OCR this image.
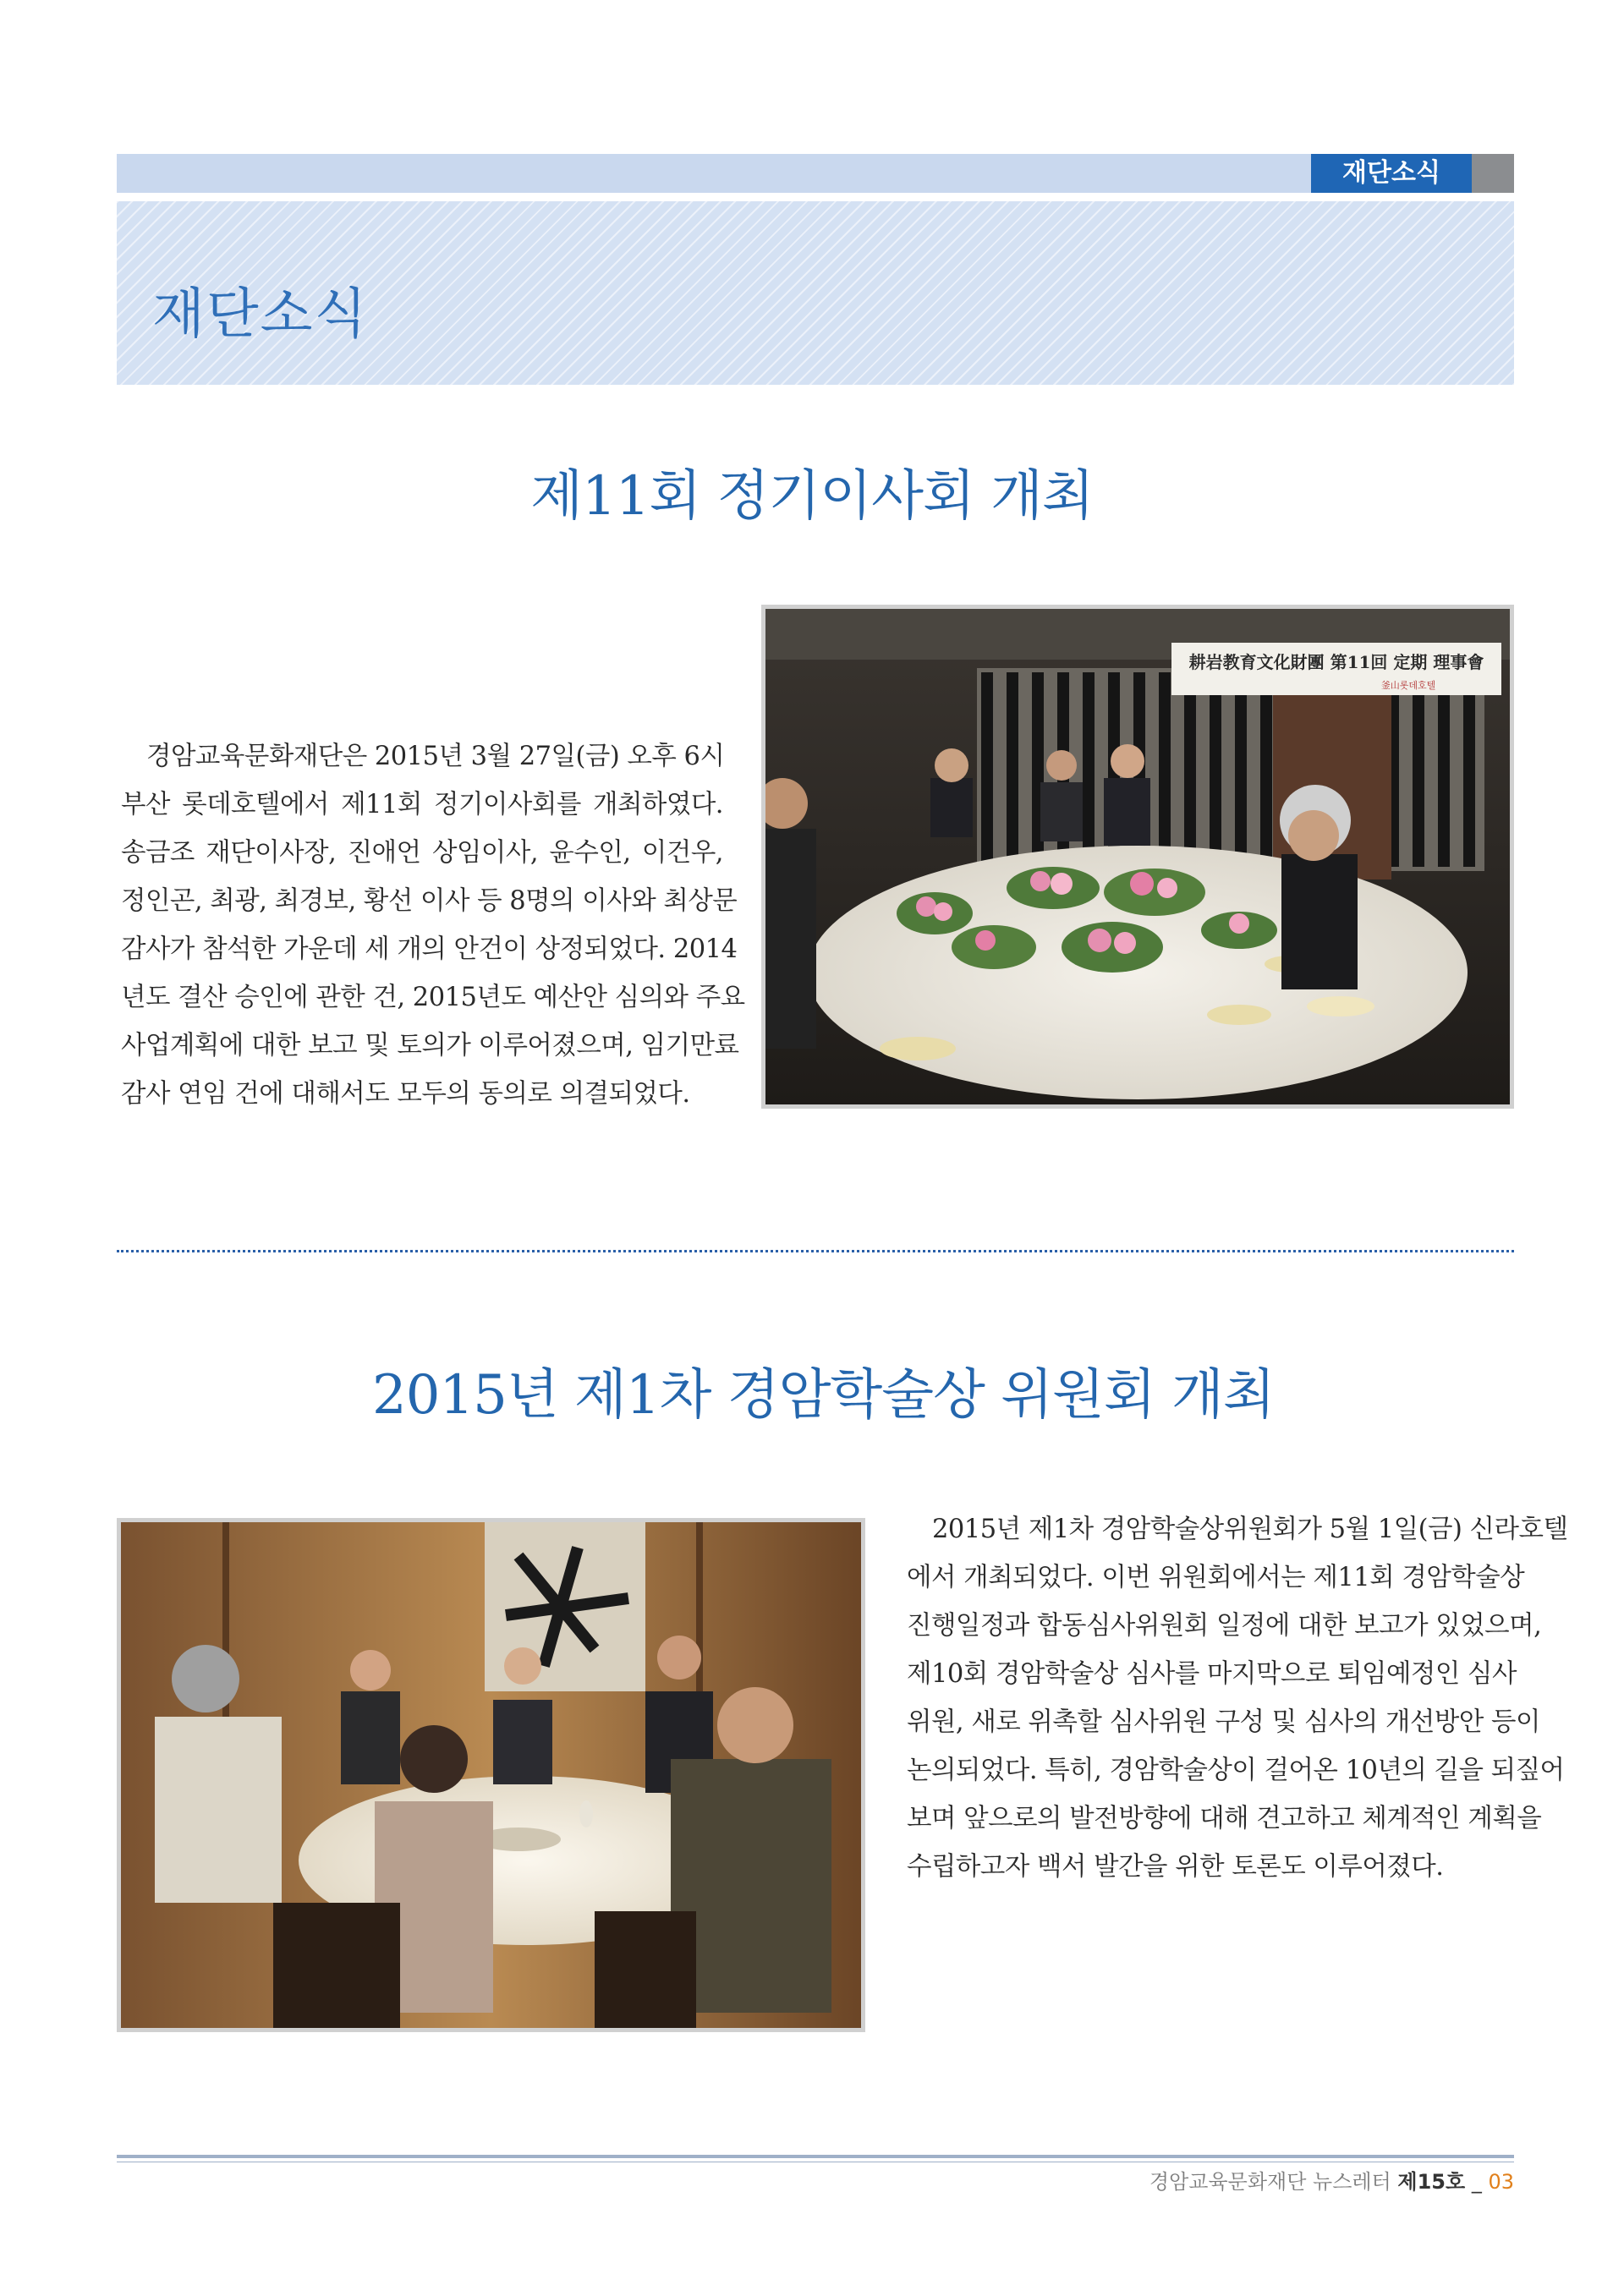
재단소식
재단소식
제11회 정기이사회 개최
경암교육문화재단은 2015년 3월 27일(금) 오후 6시
부산 롯데호텔에서 제11회 정기이사회를 개최하였다.
송금조 재단이사장, 진애언 상임이사, 윤수인, 이건우,
정인곤, 최광, 최경보, 황선 이사 등 8명의 이사와 최상문
감사가 참석한 가운데 세 개의 안건이 상정되었다. 2014
년도 결산 승인에 관한 건, 2015년도 예산안 심의와 주요
사업계획에 대한 보고 및 토의가 이루어졌으며, 임기만료
감사 연임 건에 대해서도 모두의 동의로 의결되었다.
耕岩教育文化財團 第11回 定期 理事會
釜山롯데호텔
2015년 제1차 경암학술상 위원회 개최
2015년 제1차 경암학술상위원회가 5월 1일(금) 신라호텔
에서 개최되었다. 이번 위원회에서는 제11회 경암학술상
진행일정과 합동심사위원회 일정에 대한 보고가 있었으며,
제10회 경암학술상 심사를 마지막으로 퇴임예정인 심사
위원, 새로 위촉할 심사위원 구성 및 심사의 개선방안 등이
논의되었다. 특히, 경암학술상이 걸어온 10년의 길을 되짚어
보며 앞으로의 발전방향에 대해 견고하고 체계적인 계획을
수립하고자 백서 발간을 위한 토론도 이루어졌다.
경암교육문화재단 뉴스레터 제15호 _ 03
